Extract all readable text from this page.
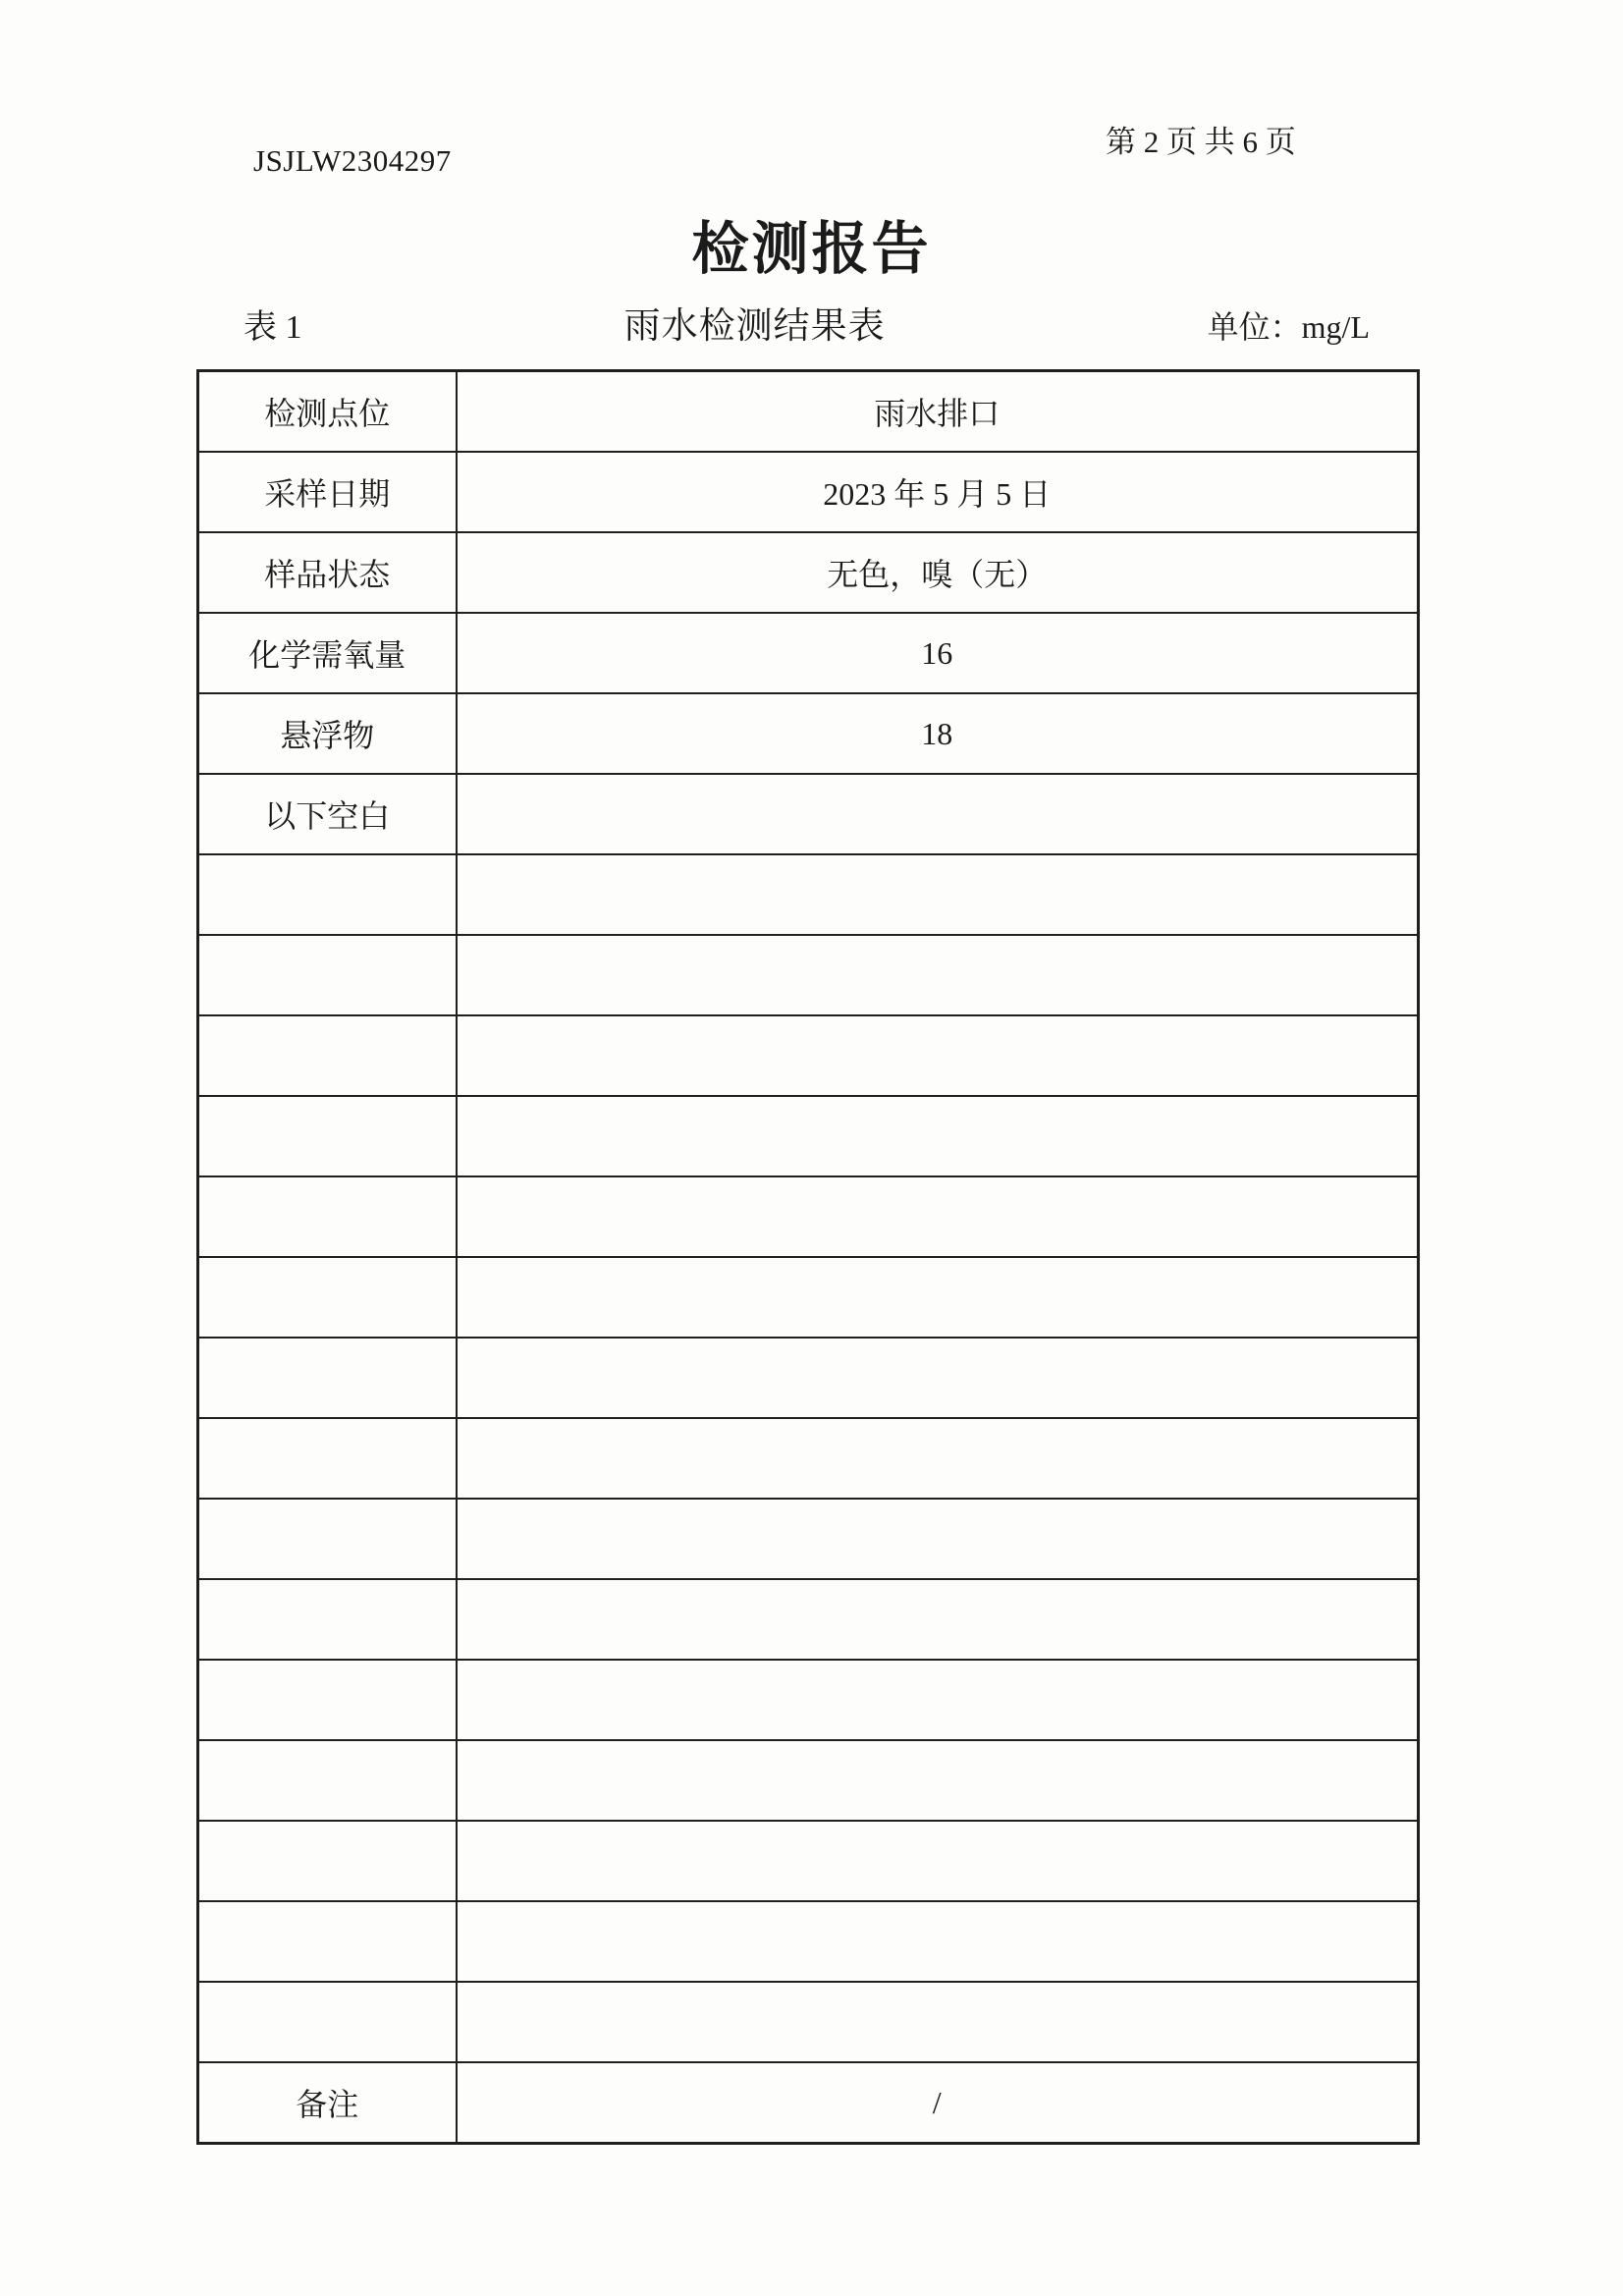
JSJLW2304297
第 2 页 共 6 页
检测报告
表 1	雨水检测结果表	单位：mg/L
检测点位	雨水排口
采样日期	2023 年 5 月 5 日
样品状态	无色，嗅（无）
化学需氧量	16
悬浮物	18
以下空白	

备注	/
